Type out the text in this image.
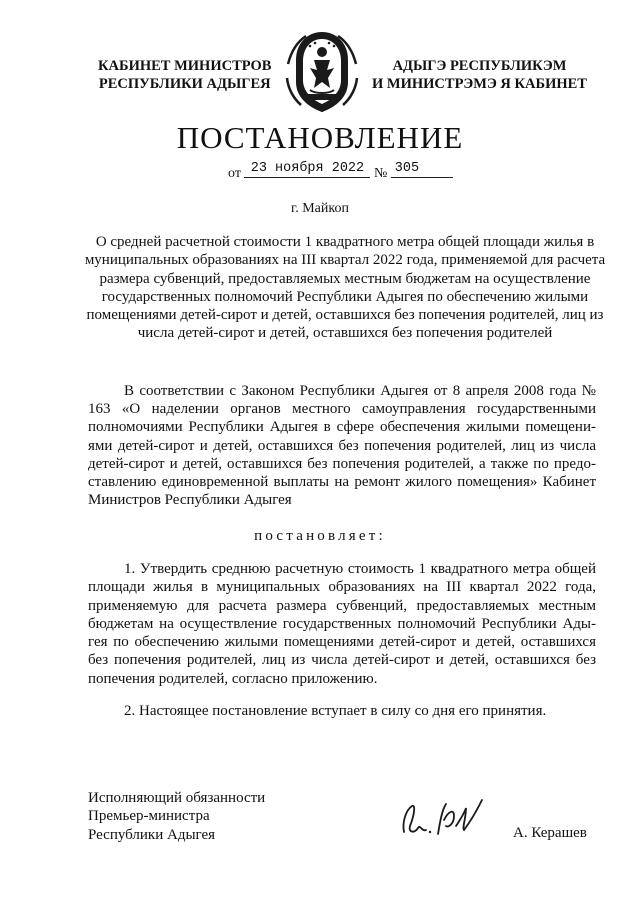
КАБИНЕТ МИНИСТРОВ
РЕСПУБЛИКИ АДЫГЕЯ
АДЫГЭ РЕСПУБЛИКЭМ
И МИНИСТРЭМЭ Я КАБИНЕТ
ПОСТАНОВЛЕНИЕ
от 23 ноября 2022 № 305
г. Майкоп
О средней расчетной стоимости 1 квадратного метра общей площади жилья в муниципальных образованиях на III квартал 2022 года, применяемой для расчета размера субвенций, предоставляемых местным бюджетам на осуществление государственных полномочий Республики Адыгея по обеспечению жилыми помещениями детей-сирот и детей, оставшихся без попечения родителей, лиц из числа детей-сирот и детей, оставшихся без попечения родителей
В соответствии с Законом Республики Адыгея от 8 апреля 2008 года № 163 «О наделении органов местного самоуправления государственными полномочиями Республики Адыгея в сфере обеспечения жилыми помещениями детей-сирот и детей, оставшихся без попечения родителей, лиц из числа детей-сирот и детей, оставшихся без попечения родителей, а также по предоставлению единовременной выплаты на ремонт жилого помещения» Кабинет Министров Республики Адыгея
постановляет:
1. Утвердить среднюю расчетную стоимость 1 квадратного метра общей площади жилья в муниципальных образованиях на III квартал 2022 года, применяемую для расчета размера субвенций, предоставляемых местным бюджетам на осуществление государственных полномочий Республики Адыгея по обеспечению жилыми помещениями детей-сирот и детей, оставшихся без попечения родителей, лиц из числа детей-сирот и детей, оставшихся без попечения родителей, согласно приложению.
2. Настоящее постановление вступает в силу со дня его принятия.
Исполняющий обязанности
Премьер-министра
Республики Адыгея	А. Керашев
